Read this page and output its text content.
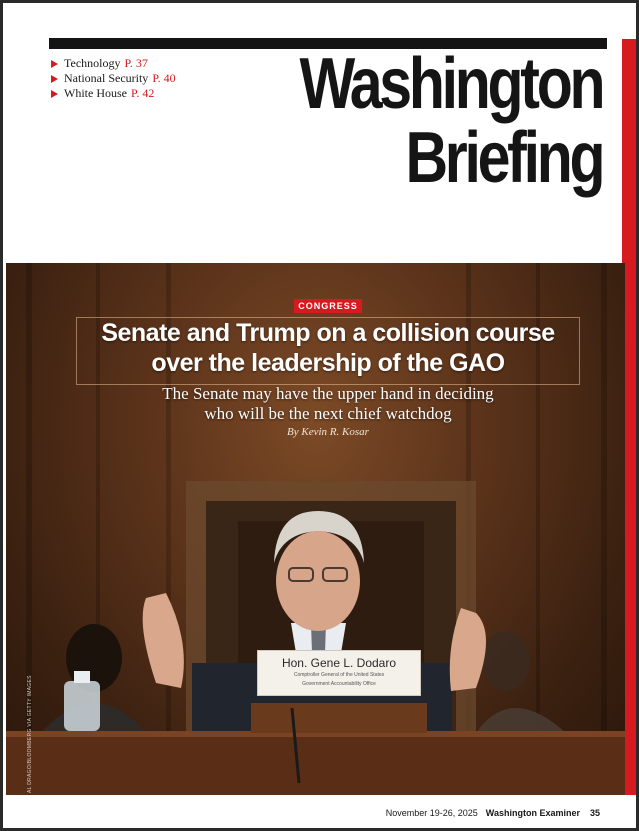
Technology P. 37
National Security P. 40
White House P. 42 Washington
Briefing
Hon. Gene L. Dodaro
Comptroller General of the United States
Government Accountability Office
CONGRESS
Senate and Trump on a collision course
over the leadership of the GAO
The Senate may have the upper hand in deciding
who will be the next chief watchdog
By Kevin R. Kosar
AL DRAGO/BLOOMBERG VIA GETTY IMAGES
November 19-26, 2025 Washington Examiner 35
